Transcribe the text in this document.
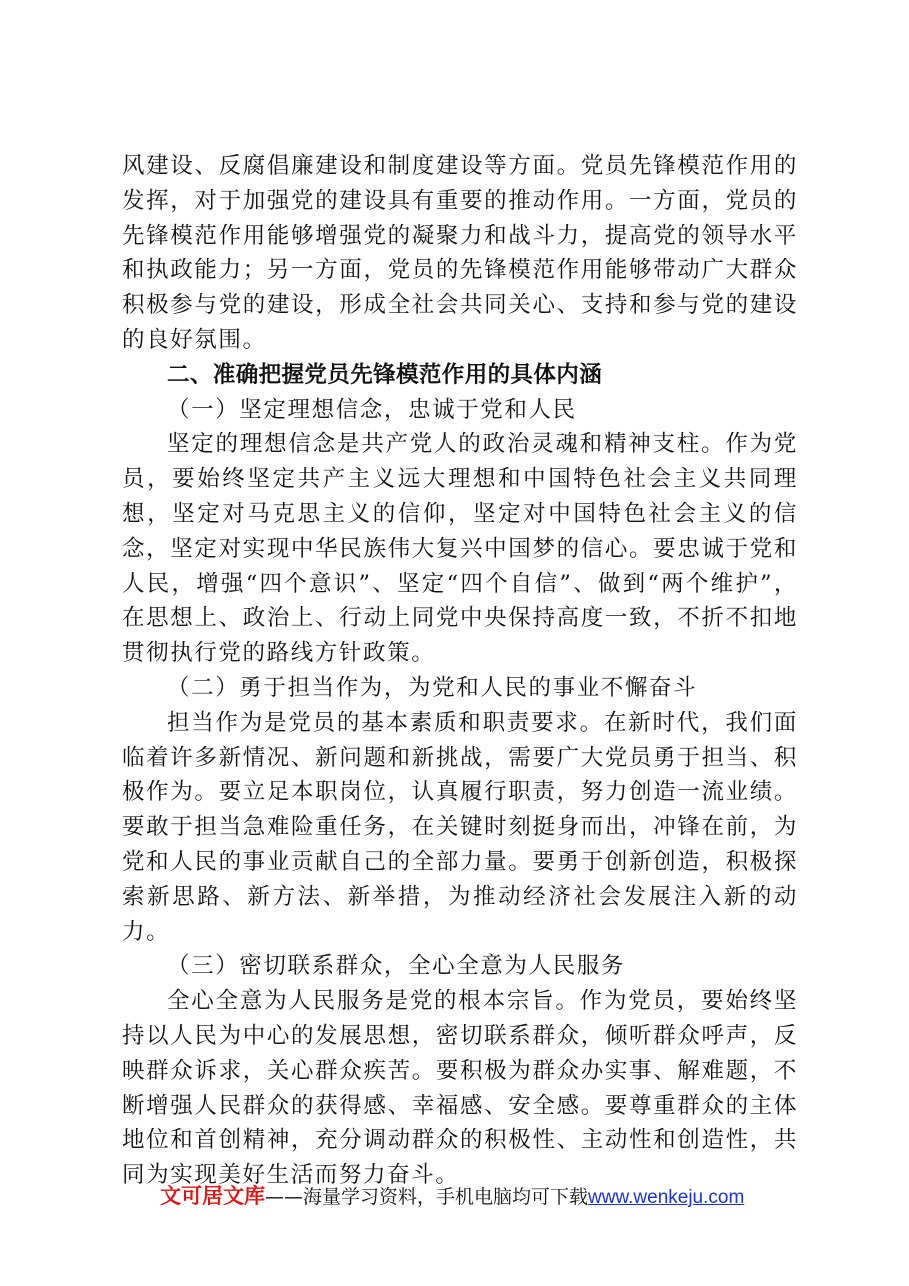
风建设、反腐倡廉建设和制度建设等方面。党员先锋模范作用的发挥，对于加强党的建设具有重要的推动作用。一方面，党员的先锋模范作用能够增强党的凝聚力和战斗力，提高党的领导水平和执政能力；另一方面，党员的先锋模范作用能够带动广大群众积极参与党的建设，形成全社会共同关心、支持和参与党的建设的良好氛围。

二、准确把握党员先锋模范作用的具体内涵

（一）坚定理想信念，忠诚于党和人民

坚定的理想信念是共产党人的政治灵魂和精神支柱。作为党员，要始终坚定共产主义远大理想和中国特色社会主义共同理想，坚定对马克思主义的信仰，坚定对中国特色社会主义的信念，坚定对实现中华民族伟大复兴中国梦的信心。要忠诚于党和人民，增强“四个意识”、坚定“四个自信”、做到“两个维护”，在思想上、政治上、行动上同党中央保持高度一致，不折不扣地贯彻执行党的路线方针政策。

（二）勇于担当作为，为党和人民的事业不懈奋斗

担当作为是党员的基本素质和职责要求。在新时代，我们面临着许多新情况、新问题和新挑战，需要广大党员勇于担当、积极作为。要立足本职岗位，认真履行职责，努力创造一流业绩。要敢于担当急难险重任务，在关键时刻挺身而出，冲锋在前，为党和人民的事业贡献自己的全部力量。要勇于创新创造，积极探索新思路、新方法、新举措，为推动经济社会发展注入新的动力。

（三）密切联系群众，全心全意为人民服务

全心全意为人民服务是党的根本宗旨。作为党员，要始终坚持以人民为中心的发展思想，密切联系群众，倾听群众呼声，反映群众诉求，关心群众疾苦。要积极为群众办实事、解难题，不断增强人民群众的获得感、幸福感、安全感。要尊重群众的主体地位和首创精神，充分调动群众的积极性、主动性和创造性，共同为实现美好生活而努力奋斗。

文可居文库——海量学习资料，手机电脑均可下载www.wenkeju.com
